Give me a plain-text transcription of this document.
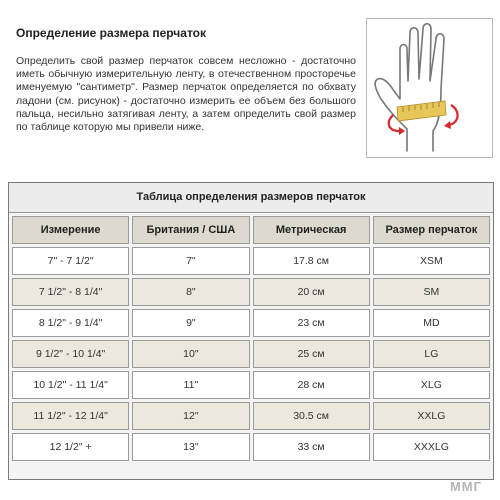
Определение размера перчаток
Определить свой размер перчаток совсем несложно - достаточно иметь обычную измерительную ленту, в отечественном просторечье именуемую "сантиметр". Размер перчаток определяется по обхвату ладони (см. рисунок) - достаточно измерить ее объем без большого пальца, несильно затягивая ленту, а затем определить свой размер по таблице которую мы привели ниже.
Таблица определения размеров перчаток
Измерение	Британия / США	Метрическая	Размер перчаток
7" - 7 1/2"	7"	17.8 см	XSM
7 1/2" - 8 1/4"	8"	20 см	SM
8 1/2" - 9 1/4"	9"	23 см	MD
9 1/2" - 10 1/4"	10"	25 см	LG
10 1/2" - 11 1/4"	11"	28 см	XLG
11 1/2" - 12 1/4"	12"	30.5 см	XXLG
12 1/2" +	13"	33 см	XXXLG
ММГ
